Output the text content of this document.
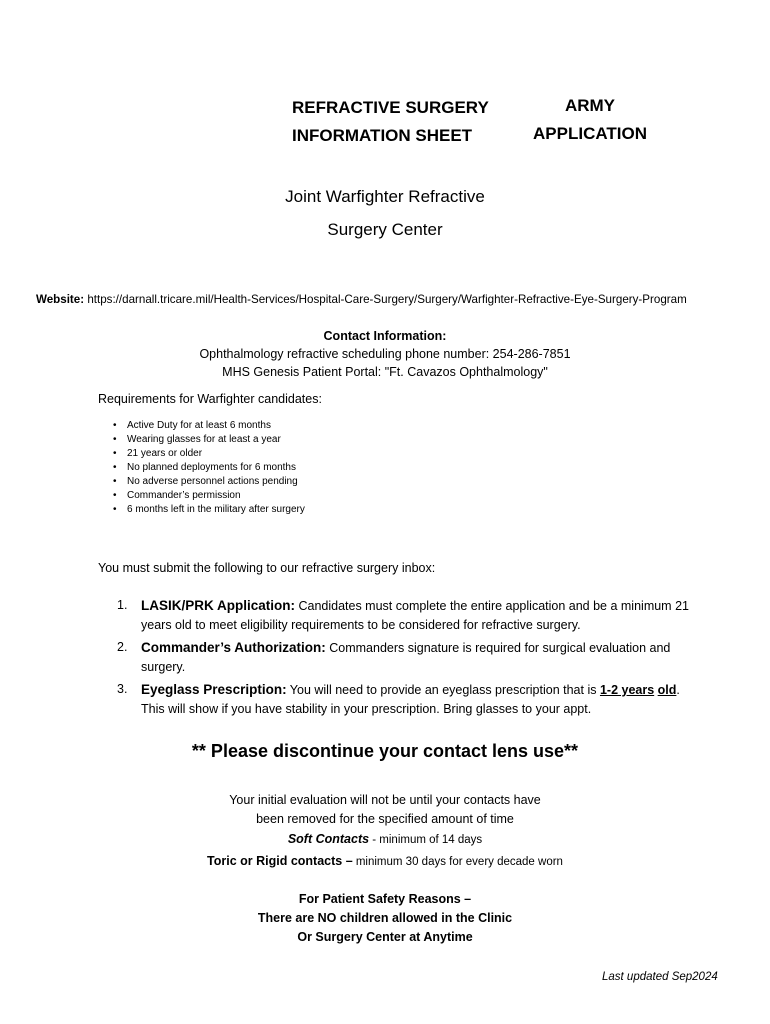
REFRACTIVE SURGERY
INFORMATION SHEET
ARMY
APPLICATION
Joint Warfighter Refractive
Surgery Center
Website: https://darnall.tricare.mil/Health-Services/Hospital-Care-Surgery/Surgery/Warfighter-Refractive-Eye-Surgery-Program
Contact Information:
Ophthalmology refractive scheduling phone number: 254-286-7851
MHS Genesis Patient Portal: "Ft. Cavazos Ophthalmology"
Requirements for Warfighter candidates:
• Active Duty for at least 6 months
• Wearing glasses for at least a year
• 21 years or older
• No planned deployments for 6 months
• No adverse personnel actions pending
• Commander’s permission
• 6 months left in the military after surgery
You must submit the following to our refractive surgery inbox:
1. LASIK/PRK Application: Candidates must complete the entire application and be a minimum 21 years old to meet eligibility requirements to be considered for refractive surgery.
2. Commander’s Authorization: Commanders signature is required for surgical evaluation and surgery.
3. Eyeglass Prescription: You will need to provide an eyeglass prescription that is 1-2 years old. This will show if you have stability in your prescription. Bring glasses to your appt.
** Please discontinue your contact lens use**
Your initial evaluation will not be until your contacts have
been removed for the specified amount of time
Soft Contacts - minimum of 14 days
Toric or Rigid contacts – minimum 30 days for every decade worn
For Patient Safety Reasons –
There are NO children allowed in the Clinic
Or Surgery Center at Anytime
Last updated Sep2024
